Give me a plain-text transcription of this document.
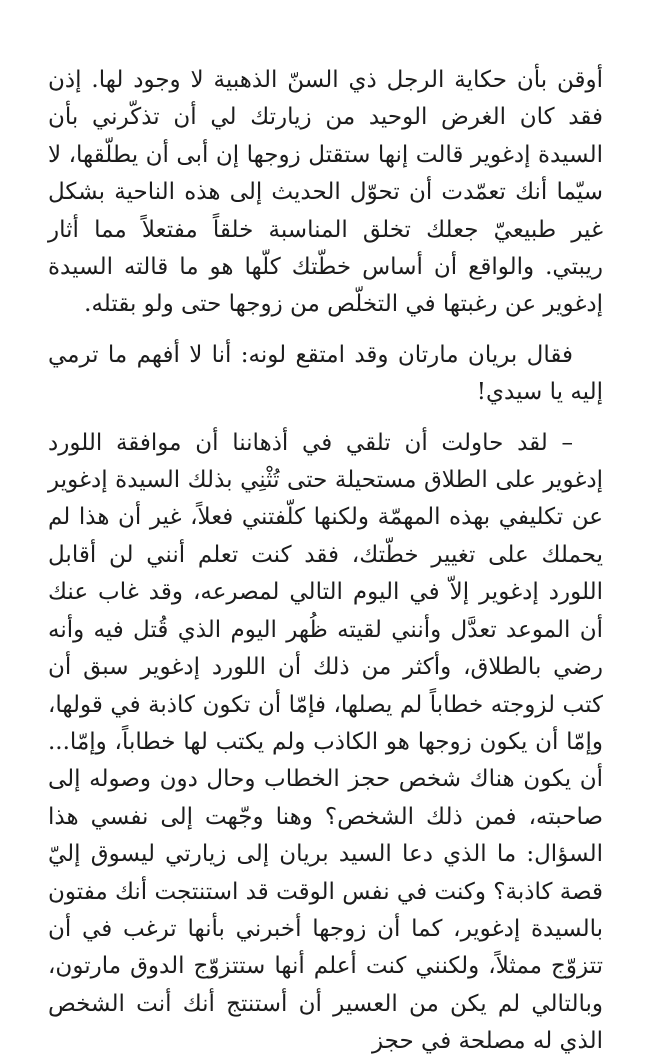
أوقن بأن حكاية الرجل ذي السنّ الذهبية لا وجود لها. إذن فقد كان الغرض الوحيد من زيارتك لي أن تذكّرني بأن السيدة إدغوير قالت إنها ستقتل زوجها إن أبى أن يطلّقها، لا سيّما أنك تعمّدت أن تحوّل الحديث إلى هذه الناحية بشكل غير طبيعيّ جعلك تخلق المناسبة خلقاً مفتعلاً مما أثار ريبتي. والواقع أن أساس خطّتك كلّها هو ما قالته السيدة إدغوير عن رغبتها في التخلّص من زوجها حتى ولو بقتله.

فقال بريان مارتان وقد امتقع لونه: أنا لا أفهم ما ترمي إليه يا سيدي!

– لقد حاولت أن تلقي في أذهاننا أن موافقة اللورد إدغوير على الطلاق مستحيلة حتى تُثْنِي بذلك السيدة إدغوير عن تكليفي بهذه المهمّة ولكنها كلّفتني فعلاً، غير أن هذا لم يحملك على تغيير خطّتك، فقد كنت تعلم أنني لن أقابل اللورد إدغوير إلاّ في اليوم التالي لمصرعه، وقد غاب عنك أن الموعد تعدَّل وأنني لقيته ظُهر اليوم الذي قُتل فيه وأنه رضي بالطلاق، وأكثر من ذلك أن اللورد إدغوير سبق أن كتب لزوجته خطاباً لم يصلها، فإمّا أن تكون كاذبة في قولها، وإمّا أن يكون زوجها هو الكاذب ولم يكتب لها خطاباً، وإمّا... أن يكون هناك شخص حجز الخطاب وحال دون وصوله إلى صاحبته، فمن ذلك الشخص؟ وهنا وجّهت إلى نفسي هذا السؤال: ما الذي دعا السيد بريان إلى زيارتي ليسوق إليّ قصة كاذبة؟ وكنت في نفس الوقت قد استنتجت أنك مفتون بالسيدة إدغوير، كما أن زوجها أخبرني بأنها ترغب في أن تتزوّج ممثلاً، ولكنني كنت أعلم أنها ستتزوّج الدوق مارتون، وبالتالي لم يكن من العسير أن أستنتج أنك أنت الشخص الذي له مصلحة في حجز
